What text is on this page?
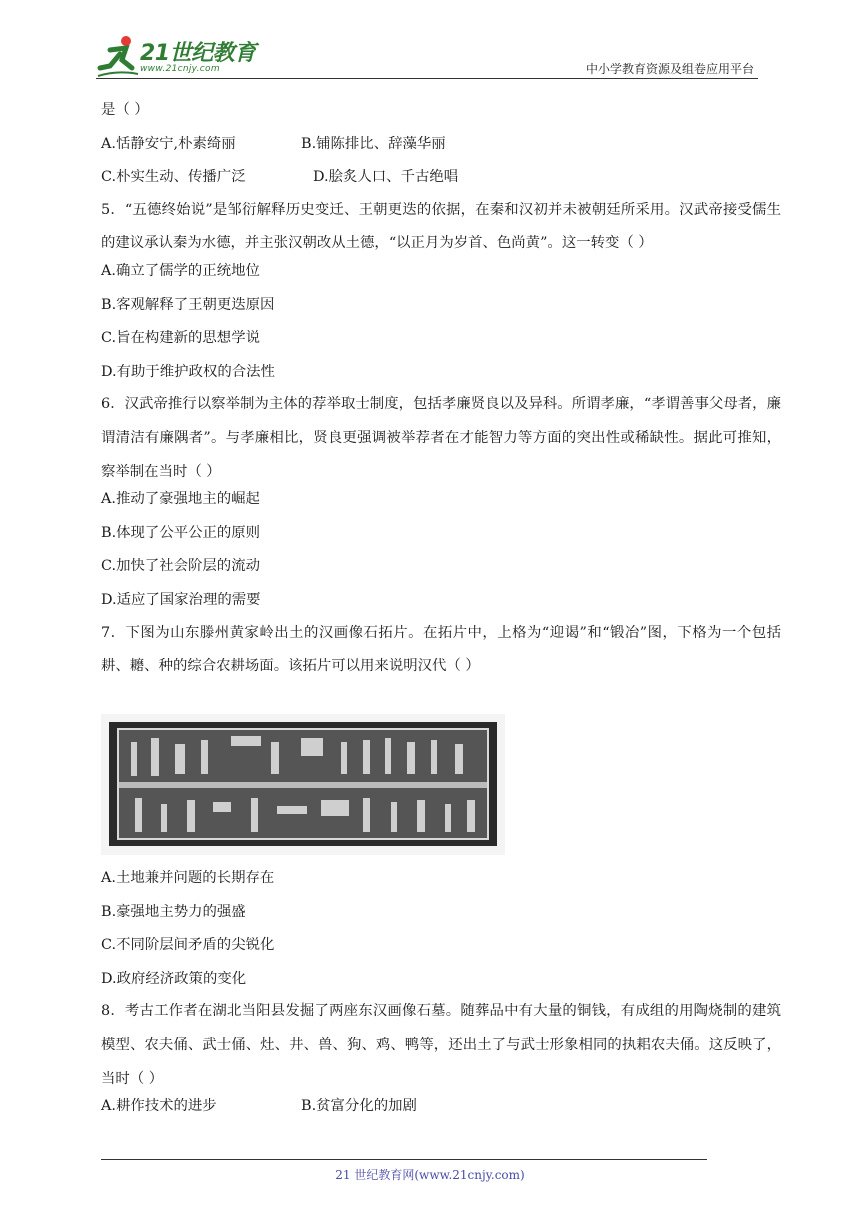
21世纪教育
www.21cnjy.com	中小学教育资源及组卷应用平台
是（ ）
A.恬静安宁,朴素绮丽	B.铺陈排比、辞藻华丽
C.朴实生动、传播广泛	D.脍炙人口、千古绝唱

5．“五德终始说”是邹衍解释历史变迁、王朝更迭的依据，在秦和汉初并未被朝廷所采用。汉武帝接受儒生的建议承认秦为水德，并主张汉朝改从土德，“以正月为岁首、色尚黄”。这一转变（ ）

A.确立了儒学的正统地位
B.客观解释了王朝更迭原因
C.旨在构建新的思想学说
D.有助于维护政权的合法性

6．汉武帝推行以察举制为主体的荐举取士制度，包括孝廉贤良以及异科。所谓孝廉，“孝谓善事父母者，廉谓清洁有廉隅者”。与孝廉相比，贤良更强调被举荐者在才能智力等方面的突出性或稀缺性。据此可推知，察举制在当时（ ）

A.推动了豪强地主的崛起
B.体现了公平公正的原则
C.加快了社会阶层的流动
D.适应了国家治理的需要

7．下图为山东滕州黄家岭出土的汉画像石拓片。在拓片中，上格为“迎谒”和“锻冶”图，下格为一个包括耕、耱、种的综合农耕场面。该拓片可以用来说明汉代（ ）

A.土地兼并问题的长期存在
B.豪强地主势力的强盛
C.不同阶层间矛盾的尖锐化
D.政府经济政策的变化

8．考古工作者在湖北当阳县发掘了两座东汉画像石墓。随葬品中有大量的铜钱，有成组的用陶烧制的建筑模型、农夫俑、武士俑、灶、井、兽、狗、鸡、鸭等，还出土了与武士形象相同的执耜农夫俑。这反映了，当时（ ）

A.耕作技术的进步	B.贫富分化的加剧
21 世纪教育网(www.21cnjy.com)
